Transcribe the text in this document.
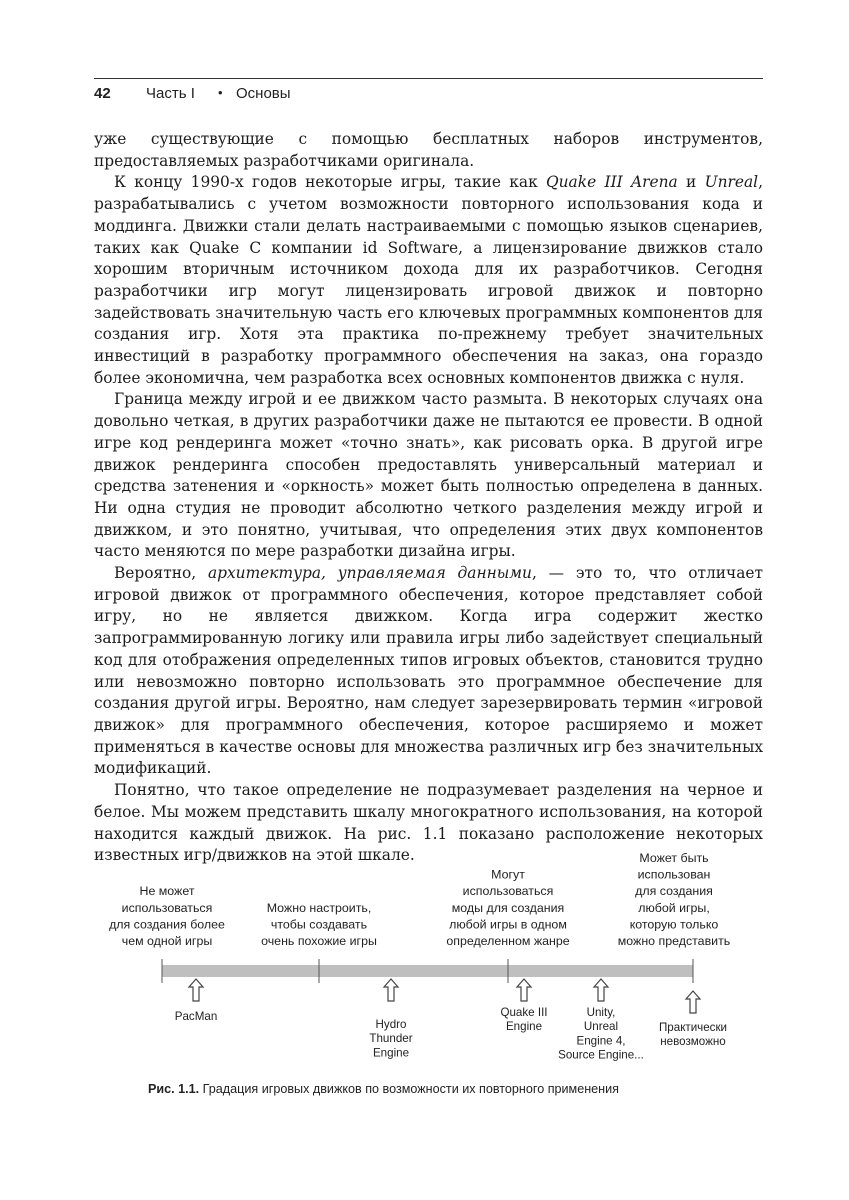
42 Часть I • Основы

уже существующие с помощью бесплатных наборов инструментов, предоставляемых разработчиками оригинала.

К концу 1990-х годов некоторые игры, такие как Quake III Arena и Unreal, разрабатывались с учетом возможности повторного использования кода и моддинга. Движки стали делать настраиваемыми с помощью языков сценариев, таких как Quake C компании id Software, а лицензирование движков стало хорошим вторичным источником дохода для их разработчиков. Сегодня разработчики игр могут лицензировать игровой движок и повторно задействовать значительную часть его ключевых программных компонентов для создания игр. Хотя эта практика по-прежнему требует значительных инвестиций в разработку программного обеспечения на заказ, она гораздо более экономична, чем разработка всех основных компонентов движка с нуля.

Граница между игрой и ее движком часто размыта. В некоторых случаях она довольно четкая, в других разработчики даже не пытаются ее провести. В одной игре код рендеринга может «точно знать», как рисовать орка. В другой игре движок рендеринга способен предоставлять универсальный материал и средства затенения и «оркность» может быть полностью определена в данных. Ни одна студия не проводит абсолютно четкого разделения между игрой и движком, и это понятно, учитывая, что определения этих двух компонентов часто меняются по мере разработки дизайна игры.

Вероятно, архитектура, управляемая данными, — это то, что отличает игровой движок от программного обеспечения, которое представляет собой игру, но не является движком. Когда игра содержит жестко запрограммированную логику или правила игры либо задействует специальный код для отображения определенных типов игровых объектов, становится трудно или невозможно повторно использовать это программное обеспечение для создания другой игры. Вероятно, нам следует зарезервировать термин «игровой движок» для программного обеспечения, которое расширяемо и может применяться в качестве основы для множества различных игр без значительных модификаций.

Понятно, что такое определение не подразумевает разделения на черное и белое. Мы можем представить шкалу многократного использования, на которой находится каждый движок. На рис. 1.1 показано расположение некоторых известных игр/движков на этой шкале.

Не может
использоваться
для создания более
чем одной игры
Можно настроить,
чтобы создавать
очень похожие игры
Могут
использоваться
моды для создания
любой игры в одном
определенном жанре
Может быть
использован
для создания
любой игры,
которую только
можно представить
PacMan
Hydro
Thunder
Engine
Quake III
Engine
Unity,
Unreal
Engine 4,
Source Engine...
Практически
невозможно
Рис. 1.1. Градация игровых движков по возможности их повторного применения
